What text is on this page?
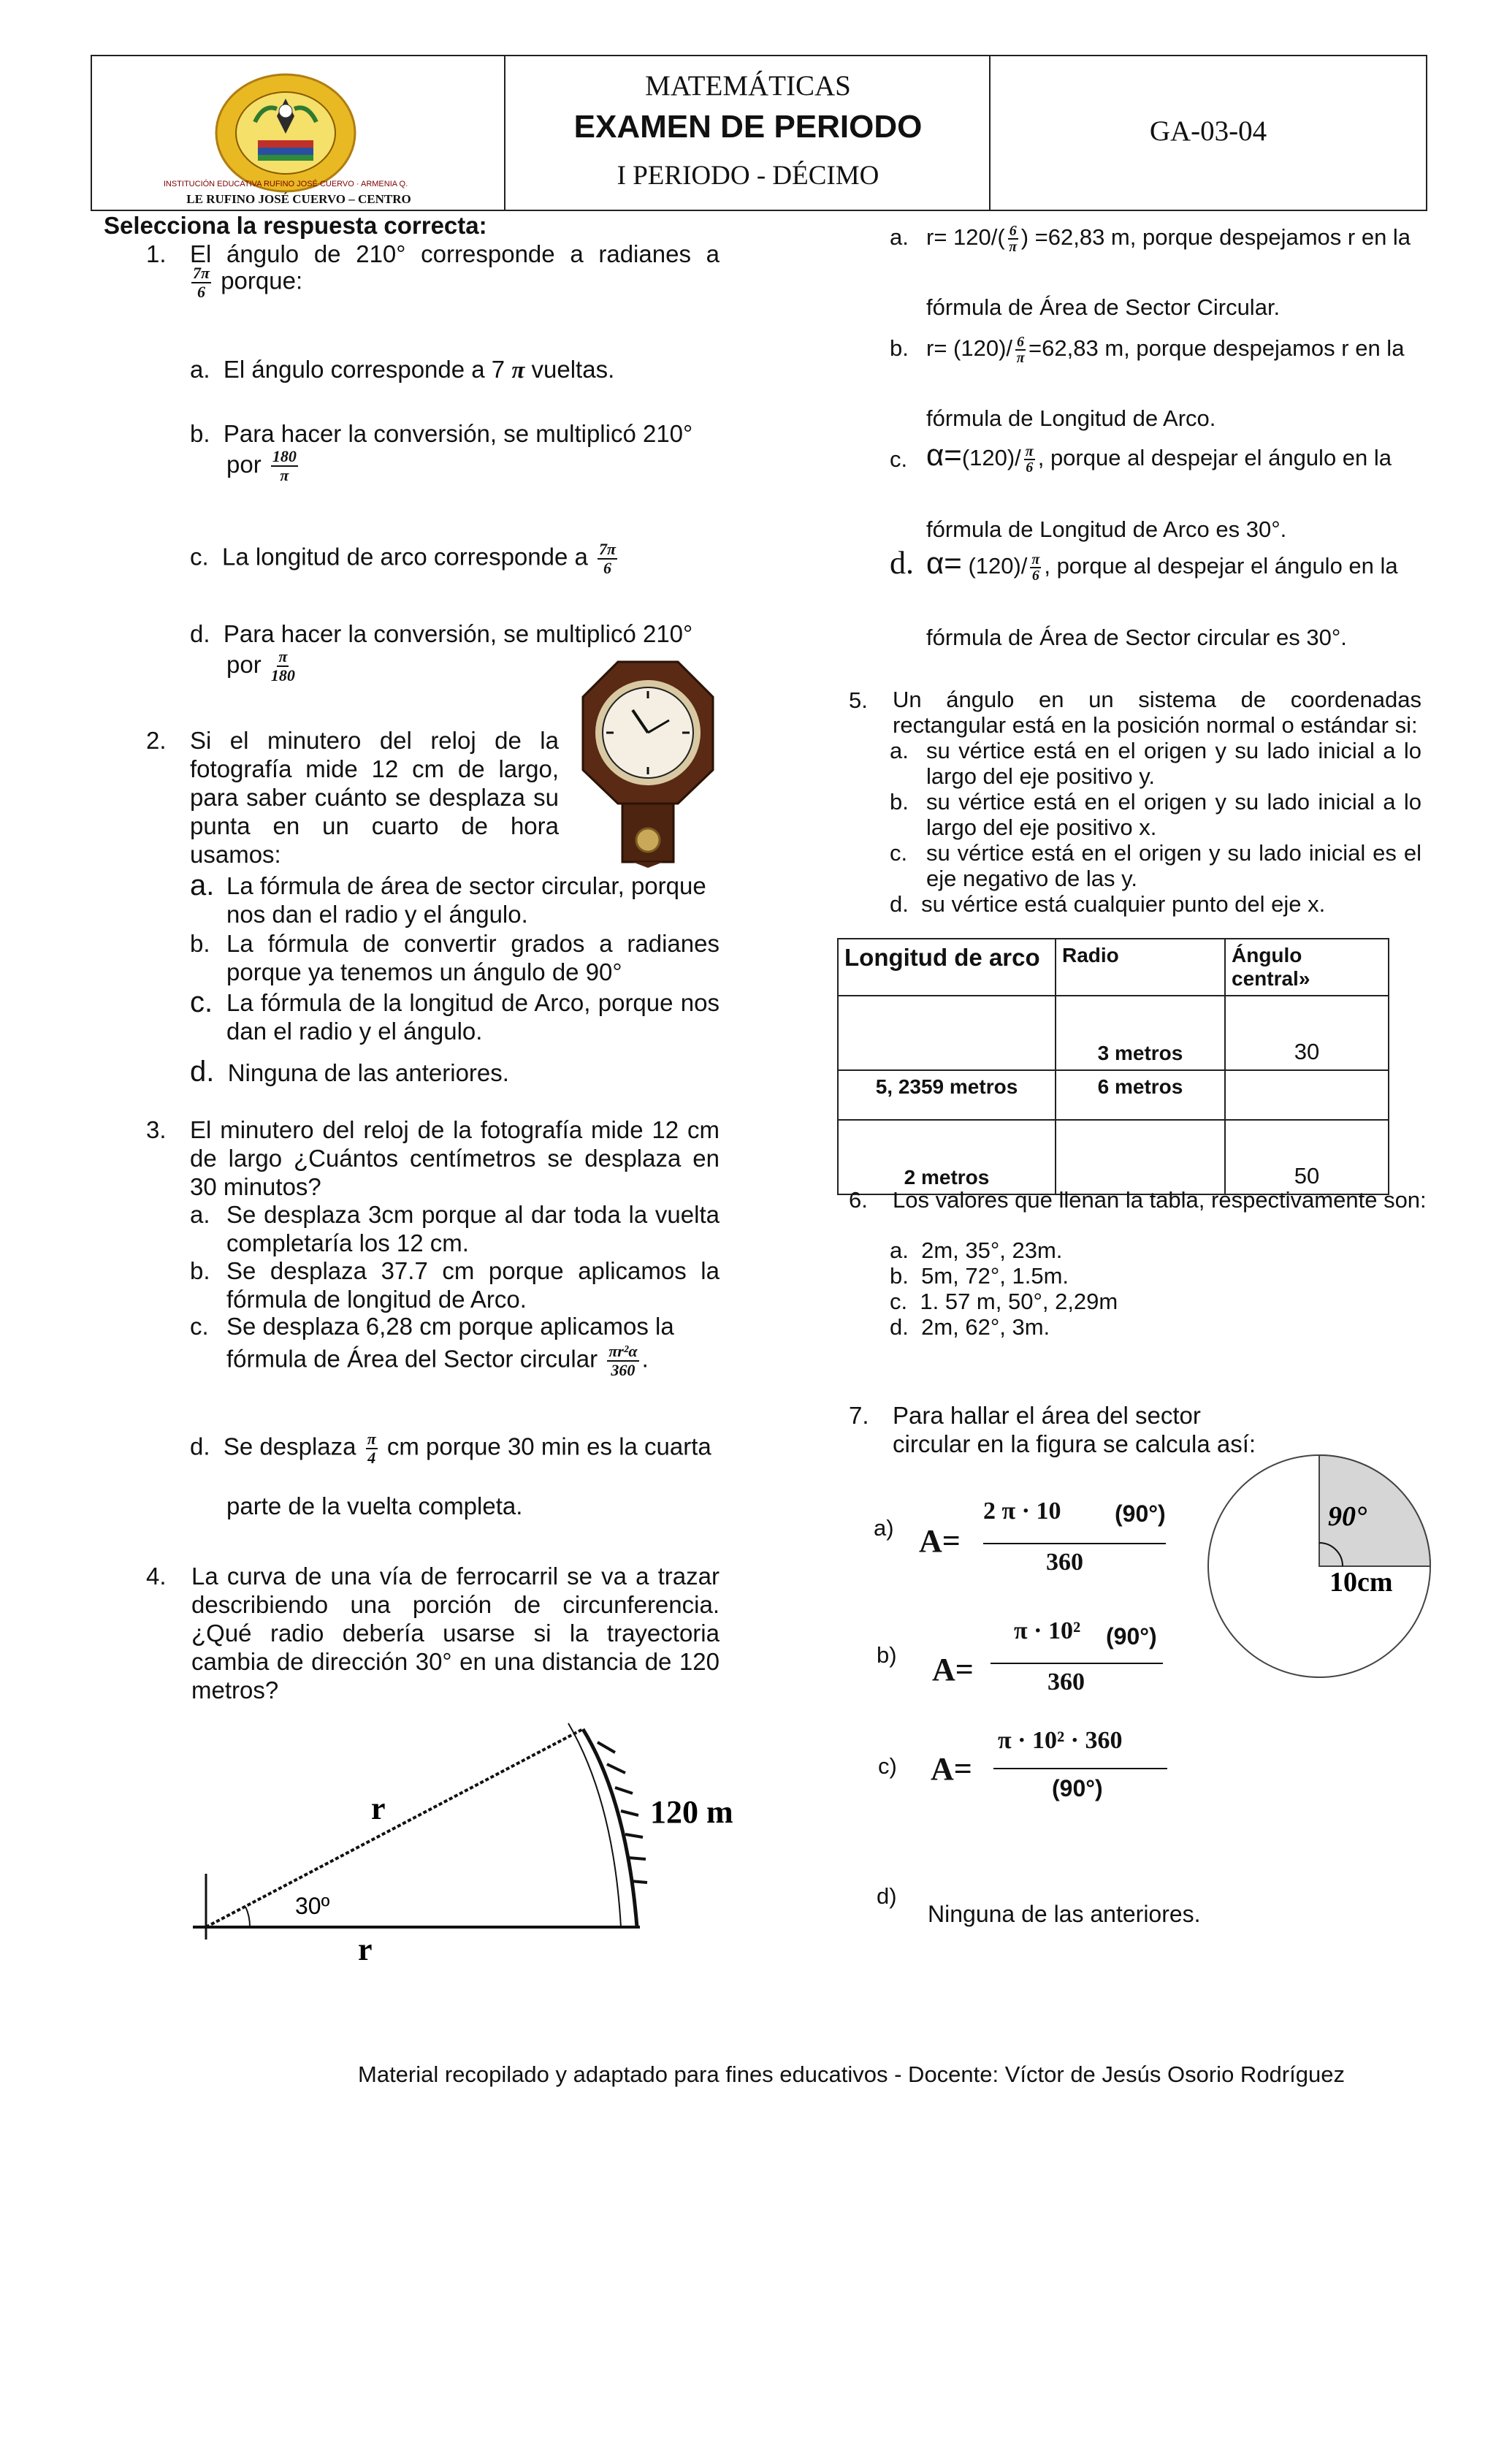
INSTITUCIÓN EDUCATIVA RUFINO JOSÉ CUERVO · ARMENIA Q.
LE RUFINO JOSÉ CUERVO – CENTRO
MATEMÁTICAS
EXAMEN DE PERIODO
I PERIODO - DÉCIMO
GA-03-04
Selecciona la respuesta correcta:
1. El ángulo de 210° corresponde a radianes a
$\frac{7\pi}{6}$ porque:
a. El ángulo corresponde a 7 π vueltas.
b. Para hacer la conversión, se multiplicó 210°
por $\frac{180}{\pi}$
c. La longitud de arco corresponde a $\frac{7\pi}{6}$
d. Para hacer la conversión, se multiplicó 210°
por $\frac{\pi}{180}$
2. Si el minutero del reloj de la fotografía mide 12 cm de largo, para saber cuánto se desplaza su punta en un cuarto de hora usamos:
a. La fórmula de área de sector circular, porque nos dan el radio y el ángulo.
b. La fórmula de convertir grados a radianes porque ya tenemos un ángulo de 90°
c. La fórmula de la longitud de Arco, porque nos dan el radio y el ángulo.
d. Ninguna de las anteriores.
3. El minutero del reloj de la fotografía mide 12 cm de largo ¿Cuántos centímetros se desplaza en 30 minutos?
a. Se desplaza 3cm porque al dar toda la vuelta completaría los 12 cm.
b. Se desplaza 37.7 cm porque aplicamos la fórmula de longitud de Arco.
c. Se desplaza 6,28 cm porque aplicamos la
fórmula de Área del Sector circular $\frac{\text{πr²α}}{360}$ .
d. Se desplaza $\frac{\pi}{4}$ cm porque 30 min es la cuarta
parte de la vuelta completa.
4. La curva de una vía de ferrocarril se va a trazar describiendo una porción de circunferencia. ¿Qué radio debería usarse si la trayectoria cambia de dirección 30° en una distancia de 120 metros?
r
r
30º
120 m
a. $r= 120/( \frac{6}{\pi}$ ) =62,83 m, porque despejamos r en la
fórmula de Área de Sector Circular.
b. $r= (120)/ \frac{6}{\pi} =62,83$ m, porque despejamos r en la
fórmula de Longitud de Arco.
c. $\alpha=(120)/ \frac{\pi}{6}$ , porque al despejar el ángulo en la
fórmula de Longitud de Arco es 30°.
d. $\alpha= (120)/ \frac{\pi}{6}$ , porque al despejar el ángulo en la
fórmula de Área de Sector circular es 30°.
5. Un ángulo en un sistema de coordenadas rectangular está en la posición normal o estándar si:
a. su vértice está en el origen y su lado inicial a lo largo del eje positivo y.
b. su vértice está en el origen y su lado inicial a lo largo del eje positivo x.
c. su vértice está en el origen y su lado inicial es el eje negativo de las y.
d. su vértice está cualquier punto del eje x.
Longitud de arco	Radio	Ángulo central»
	3 metros	30
5, 2359 metros	6 metros	
2 metros		50
6. Los valores que llenan la tabla, respectivamente son:
a. 2m, 35°, 23m.
b. 5m, 72°, 1.5m.
c. 1. 57 m, 50°, 2,29m
d. 2m, 62°, 3m.
7. Para hallar el área del sector circular en la figura se calcula así:
a) A=
2 π · 10 (90°)
360
b) A=
π · 10² (90°)
360
c) A=
π · 10² · 360
(90°)
d)
Ninguna de las anteriores.
90°
10cm
Material recopilado y adaptado para fines educativos - Docente: Víctor de Jesús Osorio Rodríguez
